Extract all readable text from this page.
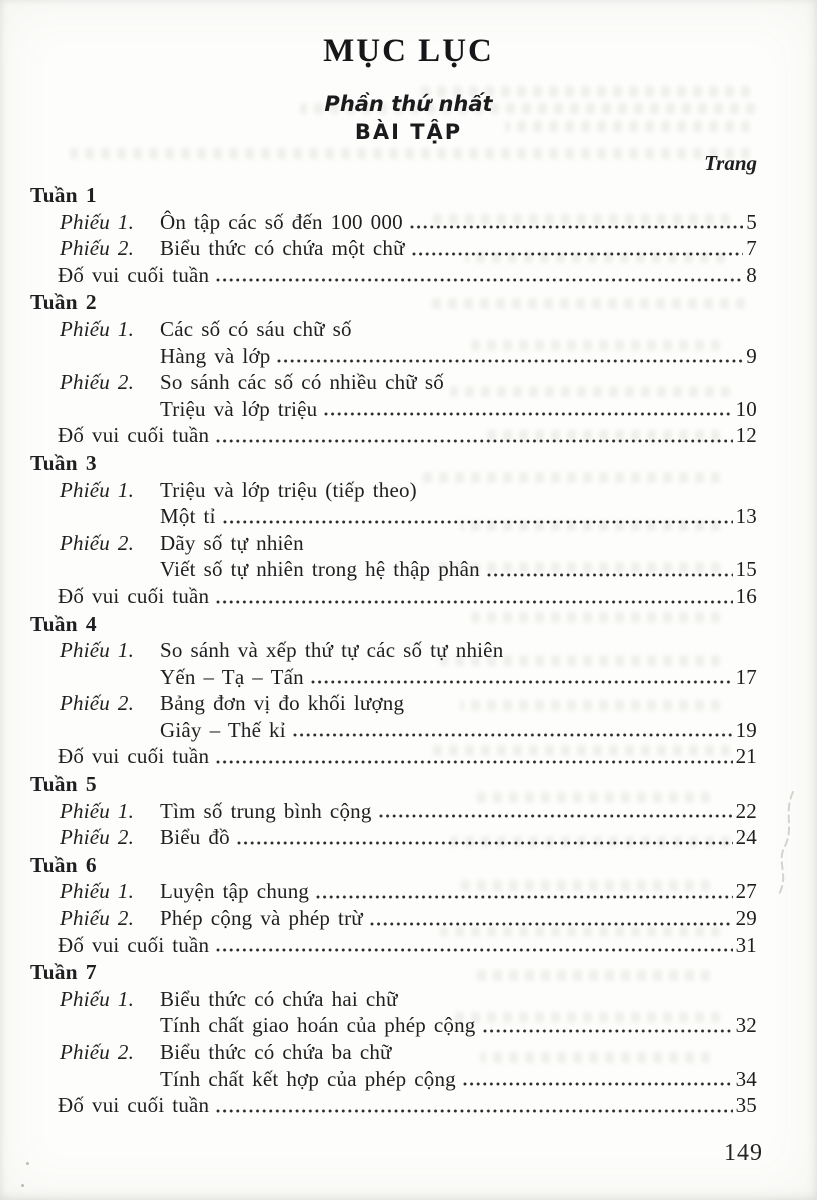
MỤC LỤC
Phần thứ nhất
BÀI TẬP
Trang
Tuần 1
Phiếu 1.	Ôn tập các số đến 100 000	5
Phiếu 2.	Biểu thức có chứa một chữ	7
Đố vui cuối tuần	8
Tuần 2
Phiếu 1.	Các số có sáu chữ số
Hàng và lớp	9
Phiếu 2.	So sánh các số có nhiều chữ số
Triệu và lớp triệu	10
Đố vui cuối tuần	12
Tuần 3
Phiếu 1.	Triệu và lớp triệu (tiếp theo)
Một tỉ	13
Phiếu 2.	Dãy số tự nhiên
Viết số tự nhiên trong hệ thập phân	15
Đố vui cuối tuần	16
Tuần 4
Phiếu 1.	So sánh và xếp thứ tự các số tự nhiên
Yến – Tạ – Tấn	17
Phiếu 2.	Bảng đơn vị đo khối lượng
Giây – Thế kỉ	19
Đố vui cuối tuần	21
Tuần 5
Phiếu 1.	Tìm số trung bình cộng	22
Phiếu 2.	Biểu đồ	24
Tuần 6
Phiếu 1.	Luyện tập chung	27
Phiếu 2.	Phép cộng và phép trừ	29
Đố vui cuối tuần	31
Tuần 7
Phiếu 1.	Biểu thức có chứa hai chữ
Tính chất giao hoán của phép cộng	32
Phiếu 2.	Biểu thức có chứa ba chữ
Tính chất kết hợp của phép cộng	34
Đố vui cuối tuần	35
149
